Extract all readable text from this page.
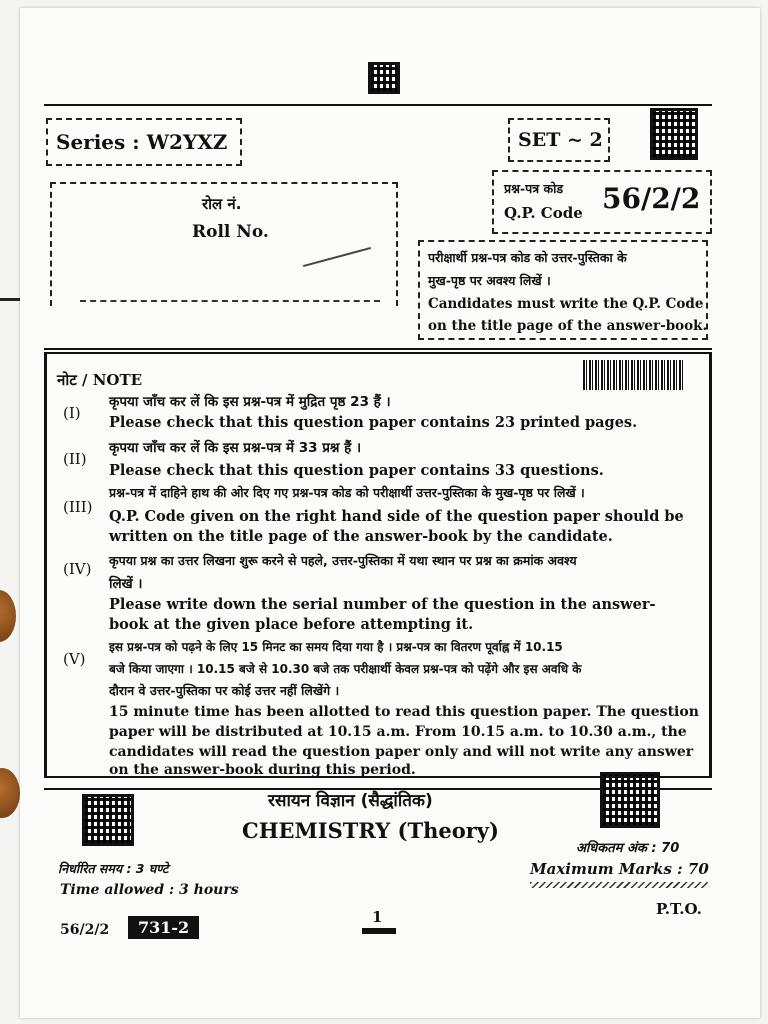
Series : W2YXZ	SET ~ 2
रोल नं.
Roll No.
प्रश्न-पत्र कोड
Q.P. Code 56/2/2
परीक्षार्थी प्रश्न-पत्र कोड को उत्तर-पुस्तिका के
मुख-पृष्ठ पर अवश्य लिखें ।
Candidates must write the Q.P. Code
on the title page of the answer-book.
नोट / NOTE
(I)
कृपया जाँच कर लें कि इस प्रश्न-पत्र में मुद्रित पृष्ठ 23 हैं ।
Please check that this question paper contains 23 printed pages.
(II)
कृपया जाँच कर लें कि इस प्रश्न-पत्र में 33 प्रश्न हैं ।
Please check that this question paper contains 33 questions.
(III)
प्रश्न-पत्र में दाहिने हाथ की ओर दिए गए प्रश्न-पत्र कोड को परीक्षार्थी उत्तर-पुस्तिका के मुख-पृष्ठ पर लिखें ।
Q.P. Code given on the right hand side of the question paper should be
written on the title page of the answer-book by the candidate.
(IV) कृपया प्रश्न का उत्तर लिखना शुरू करने से पहले, उत्तर-पुस्तिका में यथा स्थान पर प्रश्न का क्रमांक अवश्य
लिखें ।
Please write down the serial number of the question in the answer-
book at the given place before attempting it.
(V)
इस प्रश्न-पत्र को पढ़ने के लिए 15 मिनट का समय दिया गया है । प्रश्न-पत्र का वितरण पूर्वाह्न में 10.15
बजे किया जाएगा । 10.15 बजे से 10.30 बजे तक परीक्षार्थी केवल प्रश्न-पत्र को पढ़ेंगे और इस अवधि के
दौरान वे उत्तर-पुस्तिका पर कोई उत्तर नहीं लिखेंगे ।
15 minute time has been allotted to read this question paper. The question
paper will be distributed at 10.15 a.m. From 10.15 a.m. to 10.30 a.m., the
candidates will read the question paper only and will not write any answer
on the answer-book during this period.
रसायन विज्ञान (सैद्धांतिक)
CHEMISTRY (Theory)
निर्धारित समय : 3 घण्टे
Time allowed : 3 hours
अधिकतम अंक : 70
Maximum Marks : 70
56/2/2	731-2
1	P.T.O.
